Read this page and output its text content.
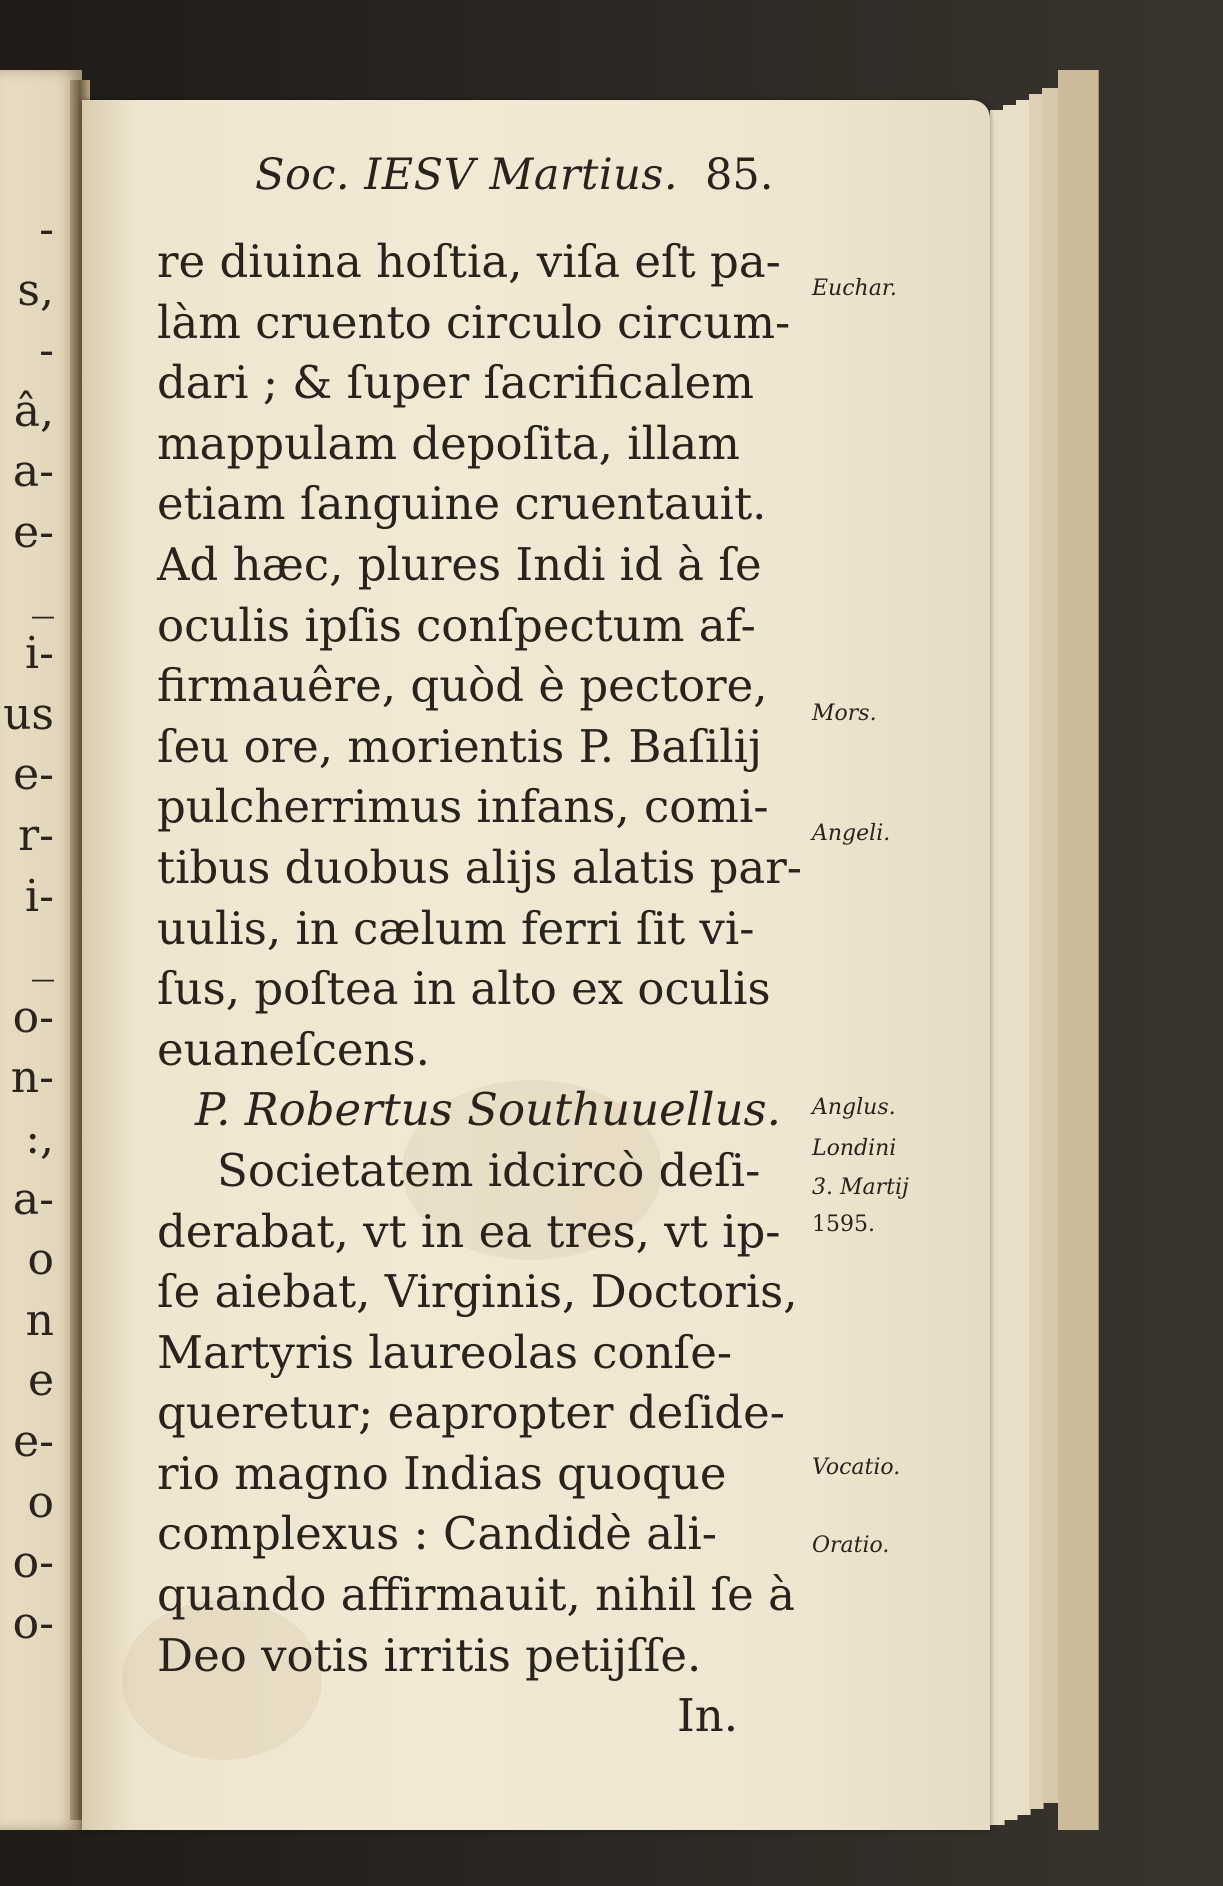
-
s,
-
â,
a-
e-
_
i-
us
e-
r-
i-
_
o-
n-
:,
a-
o
n
e
e-
o
o-
o-
Soc. IESV Martius. 85.
re diuina hoſtia, viſa eſt pa-
làm cruento circulo circum-
dari ; & ſuper ſacrificalem
mappulam depoſita, illam
etiam ſanguine cruentauit.
Ad hæc, plures Indi id à ſe
oculis ipſis conſpectum af-
firmauêre, quòd è pectore,
ſeu ore, morientis P. Baſilij
pulcherrimus infans, comi-
tibus duobus alijs alatis par-
uulis, in cælum ferri ſit vi-
ſus, poſtea in alto ex oculis
euaneſcens.
P. Robertus Southuuellus.
Societatem idcircò deſi-
derabat, vt in ea tres, vt ip-
ſe aiebat, Virginis, Doctoris,
Martyris laureolas conſe-
queretur; eapropter deſide-
rio magno Indias quoque
complexus : Candidè ali-
quando affirmauit, nihil ſe à
Deo votis irritis petijſſe.
In.
Euchar.
Mors.
Angeli.
Anglus.
Londini
3. Martij
1595.
Vocatio.
Oratio.
